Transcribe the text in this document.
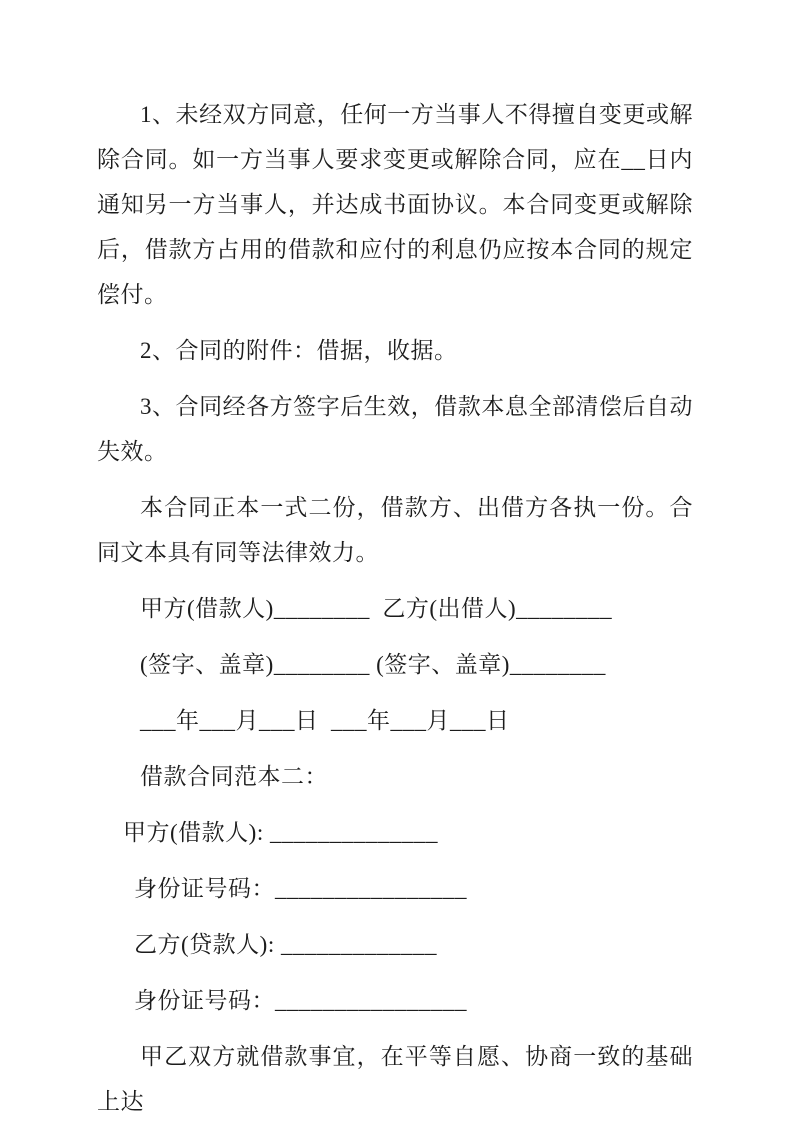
1、未经双方同意，任何一方当事人不得擅自变更或解除合同。如一方当事人要求变更或解除合同，应在__日内通知另一方当事人，并达成书面协议。本合同变更或解除后，借款方占用的借款和应付的利息仍应按本合同的规定偿付。

2、合同的附件：借据，收据。

3、合同经各方签字后生效，借款本息全部清偿后自动失效。

本合同正本一式二份，借款方、出借方各执一份。合同文本具有同等法律效力。

甲方(借款人)________  乙方(出借人)________

(签字、盖章)________ (签字、盖章)________

___年___月___日  ___年___月___日

借款合同范本二：

甲方(借款人): ______________

身份证号码：________________

乙方(贷款人): _____________

身份证号码：________________

甲乙双方就借款事宜，在平等自愿、协商一致的基础上达
